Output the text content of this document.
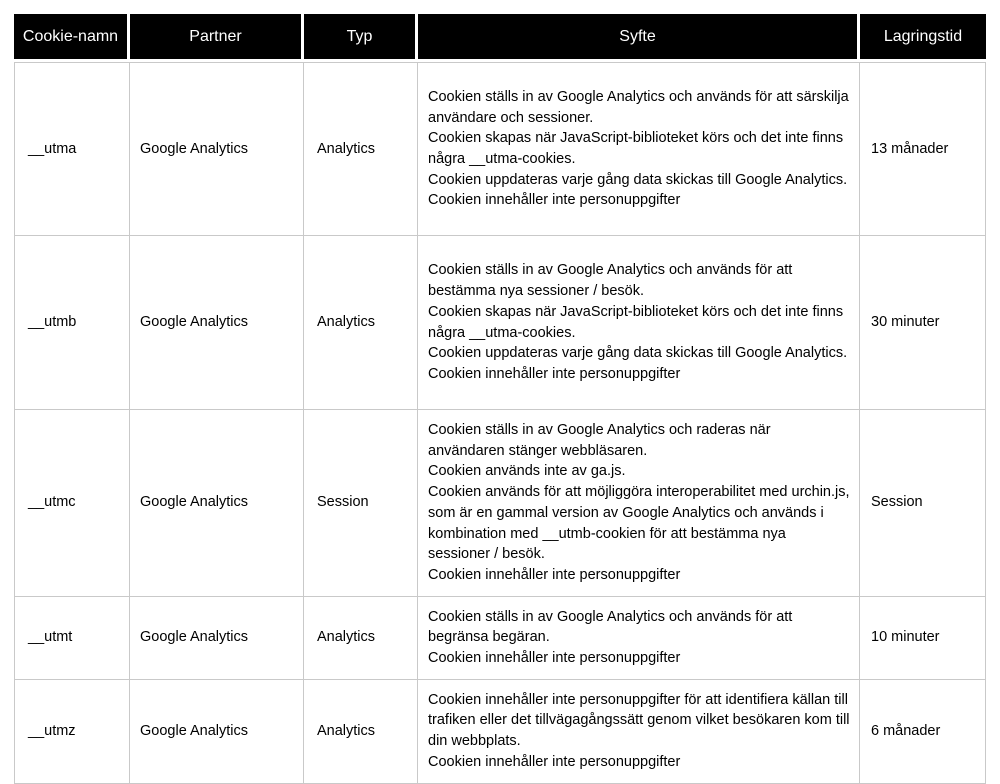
Cookie-namn	Partner	Typ	Syfte	Lagringstid
__utma	Google Analytics	Analytics	Cookien ställs in av Google Analytics och används för att särskilja användare och sessioner.
Cookien skapas när JavaScript-biblioteket körs och det inte finns några __utma-cookies.
Cookien uppdateras varje gång data skickas till Google Analytics.
Cookien innehåller inte personuppgifter	13 månader
__utmb	Google Analytics	Analytics	Cookien ställs in av Google Analytics och används för att bestämma nya sessioner / besök.
Cookien skapas när JavaScript-biblioteket körs och det inte finns några __utma-cookies.
Cookien uppdateras varje gång data skickas till Google Analytics.
Cookien innehåller inte personuppgifter	30 minuter
__utmc	Google Analytics	Session	Cookien ställs in av Google Analytics och raderas när användaren stänger webbläsaren.
Cookien används inte av ga.js.
Cookien används för att möjliggöra interoperabilitet med urchin.js, som är en gammal version av Google Analytics och används i kombination med __utmb-cookien för att bestämma nya sessioner / besök.
Cookien innehåller inte personuppgifter	Session
__utmt	Google Analytics	Analytics	Cookien ställs in av Google Analytics och används för att begränsa begäran.
Cookien innehåller inte personuppgifter	10 minuter
__utmz	Google Analytics	Analytics	Cookien innehåller inte personuppgifter för att identifiera källan till trafiken eller det tillvägagångssätt genom vilket besökaren kom till din webbplats.
Cookien innehåller inte personuppgifter	6 månader
